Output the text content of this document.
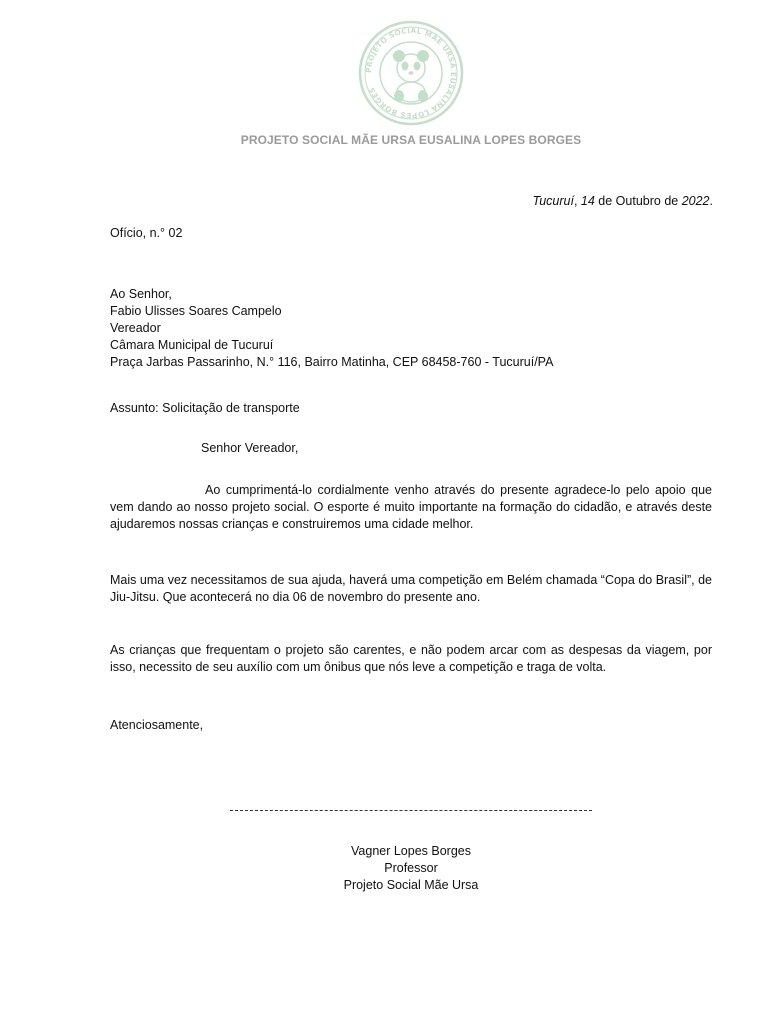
PROJETO SOCIAL MÃE URSA EUSALINA LOPES BORGES
PROJETO SOCIAL MÃE URSA EUSALINA LOPES BORGES
Tucuruí, 14 de Outubro de 2022.
Ofício, n.° 02
Ao Senhor,
Fabio Ulisses Soares Campelo
Vereador
Câmara Municipal de Tucuruí
Praça Jarbas Passarinho, N.° 116, Bairro Matinha, CEP 68458-760 - Tucuruí/PA
Assunto: Solicitação de transporte
Senhor Vereador,
Ao cumprimentá-lo cordialmente venho através do presente agradece-lo pelo apoio que vem dando ao nosso projeto social. O esporte é muito importante na formação do cidadão, e através deste ajudaremos nossas crianças e construiremos uma cidade melhor.
Mais uma vez necessitamos de sua ajuda, haverá uma competição em Belém chamada “Copa do Brasil”, de Jiu-Jitsu. Que acontecerá no dia 06 de novembro do presente ano.
As crianças que frequentam o projeto são carentes, e não podem arcar com as despesas da viagem, por isso, necessito de seu auxílio com um ônibus que nós leve a competição e traga de volta.
Atenciosamente,
Vagner Lopes Borges
Professor
Projeto Social Mãe Ursa
